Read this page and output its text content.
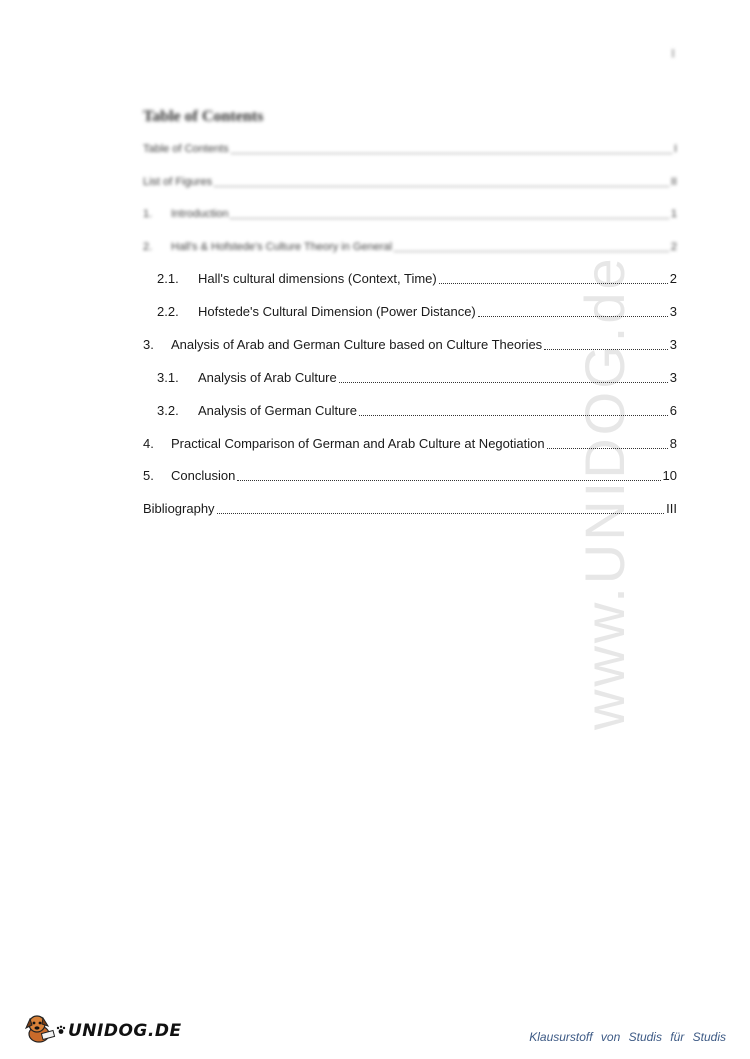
I
www.UNIDOG.de
Table of Contents
Table of Contents	I
List of Figures	II
1.	Introduction	1
2.	Hall's & Hofstede's Culture Theory in General	2
2.1.	Hall's cultural dimensions (Context, Time)	2
2.2.	Hofstede's Cultural Dimension (Power Distance)	3
3.	Analysis of Arab and German Culture based on Culture Theories	3
3.1.	Analysis of Arab Culture	3
3.2.	Analysis of German Culture	6
4.	Practical Comparison of German and Arab Culture at Negotiation	8
5.	Conclusion	10
Bibliography	III
UNIDOG.DE	Klausurstoff von Studis für Studis
